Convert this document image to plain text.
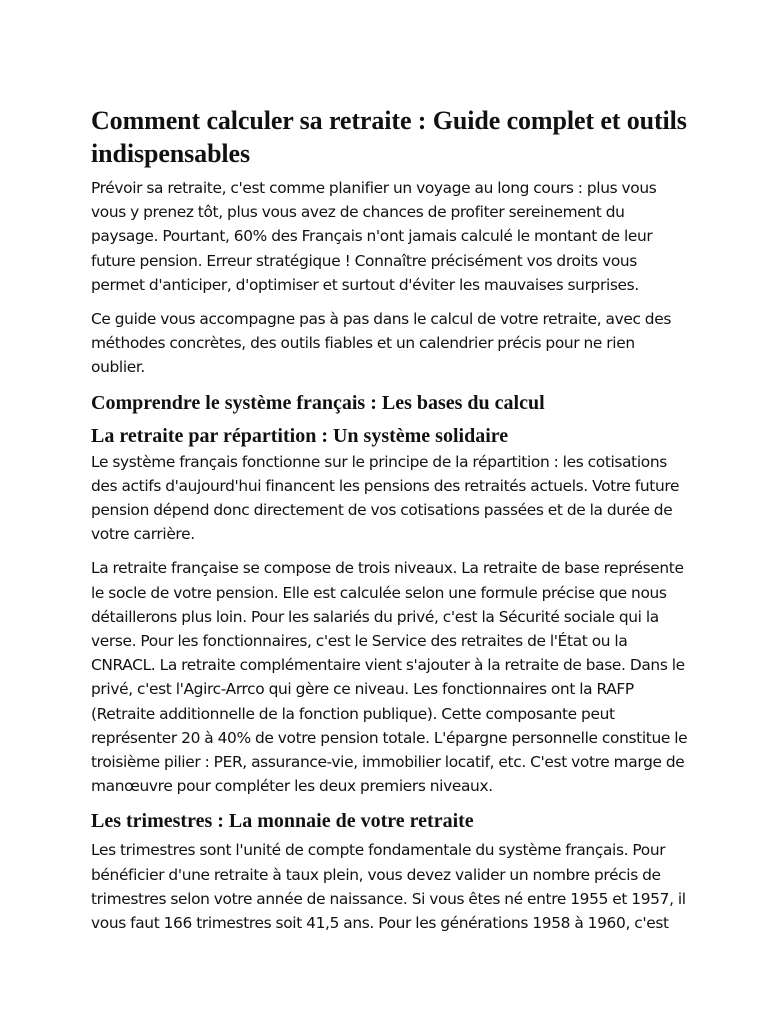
Comment calculer sa retraite : Guide complet et outils indispensables

Prévoir sa retraite, c'est comme planifier un voyage au long cours : plus vous vous y prenez tôt, plus vous avez de chances de profiter sereinement du paysage. Pourtant, 60% des Français n'ont jamais calculé le montant de leur future pension. Erreur stratégique ! Connaître précisément vos droits vous permet d'anticiper, d'optimiser et surtout d'éviter les mauvaises surprises.

Ce guide vous accompagne pas à pas dans le calcul de votre retraite, avec des méthodes concrètes, des outils fiables et un calendrier précis pour ne rien oublier.

Comprendre le système français : Les bases du calcul
La retraite par répartition : Un système solidaire

Le système français fonctionne sur le principe de la répartition : les cotisations des actifs d'aujourd'hui financent les pensions des retraités actuels. Votre future pension dépend donc directement de vos cotisations passées et de la durée de votre carrière.

La retraite française se compose de trois niveaux. La retraite de base représente le socle de votre pension. Elle est calculée selon une formule précise que nous détaillerons plus loin. Pour les salariés du privé, c'est la Sécurité sociale qui la verse. Pour les fonctionnaires, c'est le Service des retraites de l'État ou la CNRACL. La retraite complémentaire vient s'ajouter à la retraite de base. Dans le privé, c'est l'Agirc-Arrco qui gère ce niveau. Les fonctionnaires ont la RAFP (Retraite additionnelle de la fonction publique). Cette composante peut représenter 20 à 40% de votre pension totale. L'épargne personnelle constitue le troisième pilier : PER, assurance-vie, immobilier locatif, etc. C'est votre marge de manœuvre pour compléter les deux premiers niveaux.

Les trimestres : La monnaie de votre retraite

Les trimestres sont l'unité de compte fondamentale du système français. Pour bénéficier d'une retraite à taux plein, vous devez valider un nombre précis de trimestres selon votre année de naissance. Si vous êtes né entre 1955 et 1957, il vous faut 166 trimestres soit 41,5 ans. Pour les générations 1958 à 1960, c'est
